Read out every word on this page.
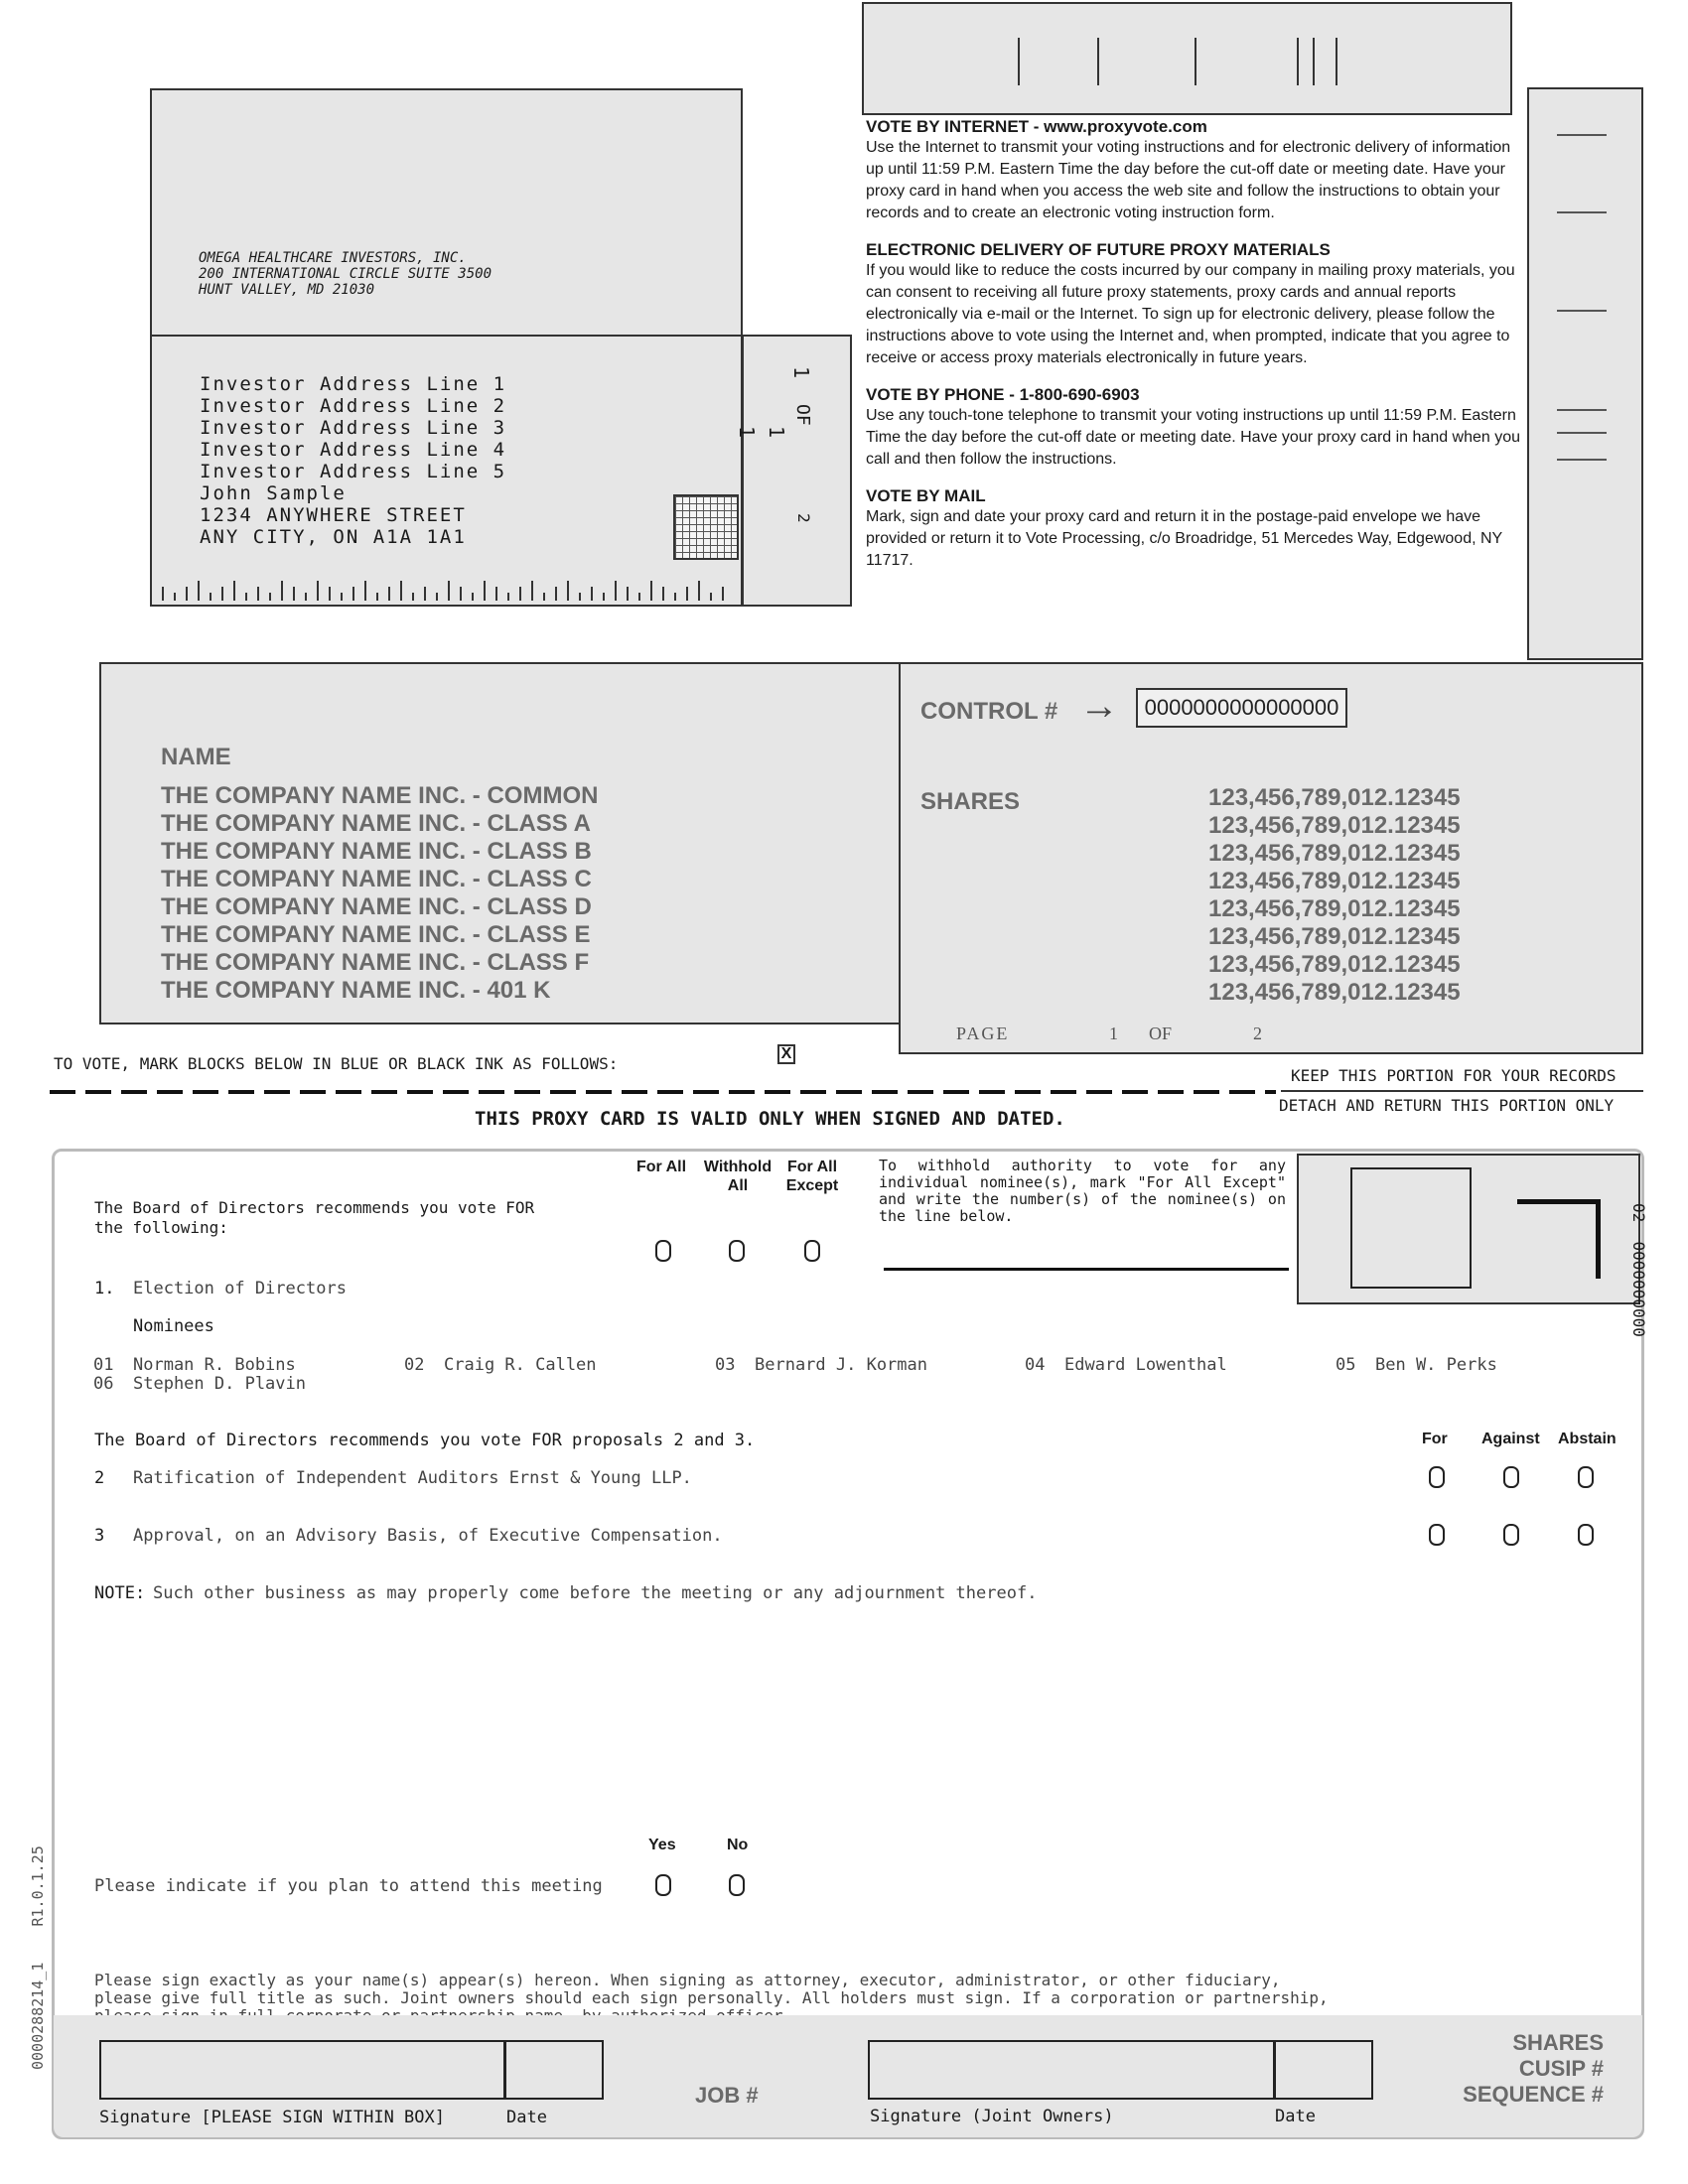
OMEGA HEALTHCARE INVESTORS, INC.
200 INTERNATIONAL CIRCLE SUITE 3500
HUNT VALLEY, MD 21030
Investor Address Line 1
Investor Address Line 2
Investor Address Line 3
Investor Address Line 4
Investor Address Line 5
John Sample
1234 ANYWHERE STREET
ANY CITY, ON A1A 1A1
1
OF
1
1
2

VOTE BY INTERNET - www.proxyvote.com

Use the Internet to transmit your voting instructions and for electronic delivery of information up until 11:59 P.M. Eastern Time the day before the cut-off date or meeting date. Have your proxy card in hand when you access the web site and follow the instructions to obtain your records and to create an electronic voting instruction form.

ELECTRONIC DELIVERY OF FUTURE PROXY MATERIALS

If you would like to reduce the costs incurred by our company in mailing proxy materials, you can consent to receiving all future proxy statements, proxy cards and annual reports electronically via e-mail or the Internet. To sign up for electronic delivery, please follow the instructions above to vote using the Internet and, when prompted, indicate that you agree to receive or access proxy materials electronically in future years.

VOTE BY PHONE - 1-800-690-6903

Use any touch-tone telephone to transmit your voting instructions up until 11:59 P.M. Eastern Time the day before the cut-off date or meeting date. Have your proxy card in hand when you call and then follow the instructions.

VOTE BY MAIL

Mark, sign and date your proxy card and return it in the postage-paid envelope we have provided or return it to Vote Processing, c/o Broadridge, 51 Mercedes Way, Edgewood, NY 11717.

NAME
THE COMPANY NAME INC. - COMMON
THE COMPANY NAME INC. - CLASS A
THE COMPANY NAME INC. - CLASS B
THE COMPANY NAME INC. - CLASS C
THE COMPANY NAME INC. - CLASS D
THE COMPANY NAME INC. - CLASS E
THE COMPANY NAME INC. - CLASS F
THE COMPANY NAME INC. - 401 K
CONTROL # →	0000000000000000
SHARES	123,456,789,012.12345
123,456,789,012.12345
123,456,789,012.12345
123,456,789,012.12345
123,456,789,012.12345
123,456,789,012.12345
123,456,789,012.12345
123,456,789,012.12345
PAGE	1 OF	2
TO VOTE, MARK BLOCKS BELOW IN BLUE OR BLACK INK AS FOLLOWS:
X
KEEP THIS PORTION FOR YOUR RECORDS
DETACH AND RETURN THIS PORTION ONLY
THIS PROXY CARD IS VALID ONLY WHEN SIGNED AND DATED.
For All	Withhold All
For All Except
To withhold authority to vote for any individual nominee(s), mark "For All Except" and write the number(s) of the nominee(s) on the line below.	02  0000000000
The Board of Directors recommends you vote FOR the following:
1. Election of Directors
Nominees
01 Norman R. Bobins	02 Craig R. Callen	03 Bernard J. Korman	04 Edward Lowenthal	05 Ben W. Perks
06 Stephen D. Plavin
The Board of Directors recommends you vote FOR proposals 2 and 3.	For Against Abstain
2 Ratification of Independent Auditors Ernst & Young LLP.
3 Approval, on an Advisory Basis, of Executive Compensation.
NOTE: Such other business as may properly come before the meeting or any adjournment thereof.
Yes	No
Please indicate if you plan to attend this meeting
0000288214_1    R1.0.1.25	Please sign exactly as your name(s) appear(s) hereon. When signing as attorney, executor, administrator, or other fiduciary, please give full title as such. Joint owners should each sign personally. All holders must sign. If a corporation or partnership,
Signature [PLEASE SIGN WITHIN BOX]	Date
JOB #
Signature (Joint Owners)	Date
SHARES
CUSIP #
SEQUENCE #
